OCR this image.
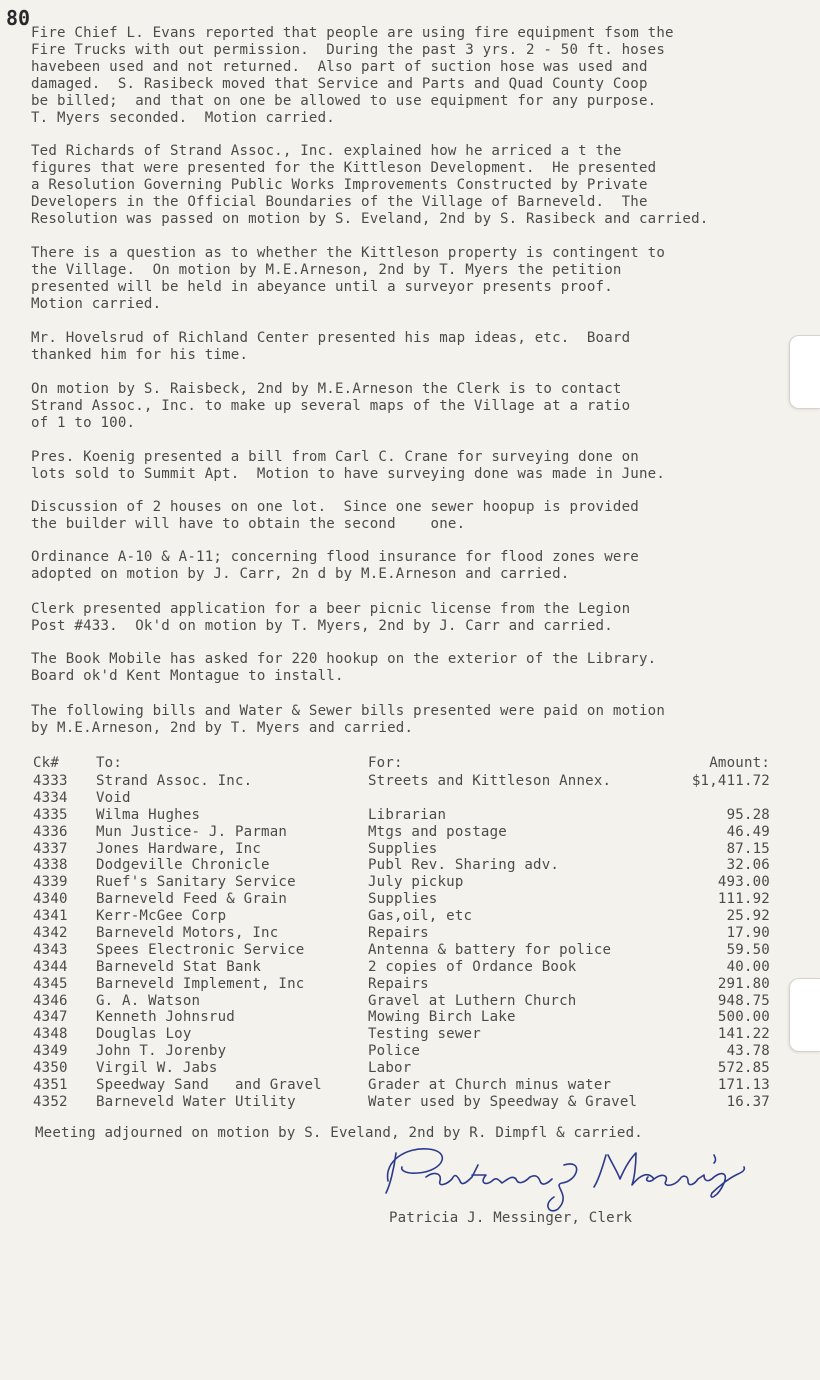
80

Fire Chief L. Evans reported that people are using fire equipment fsom the
Fire Trucks with out permission.  During the past 3 yrs. 2 - 50 ft. hoses
havebeen used and not returned.  Also part of suction hose was used and
damaged.  S. Rasibeck moved that Service and Parts and Quad County Coop
be billed;  and that on one be allowed to use equipment for any purpose.
T. Myers seconded.  Motion carried.

Ted Richards of Strand Assoc., Inc. explained how he arriced a t the
figures that were presented for the Kittleson Development.  He presented
a Resolution Governing Public Works Improvements Constructed by Private
Developers in the Official Boundaries of the Village of Barneveld.  The
Resolution was passed on motion by S. Eveland, 2nd by S. Rasibeck and carried.

There is a question as to whether the Kittleson property is contingent to
the Village.  On motion by M.E.Arneson, 2nd by T. Myers the petition
presented will be held in abeyance until a surveyor presents proof.
Motion carried.

Mr. Hovelsrud of Richland Center presented his map ideas, etc.  Board
thanked him for his time.

On motion by S. Raisbeck, 2nd by M.E.Arneson the Clerk is to contact
Strand Assoc., Inc. to make up several maps of the Village at a ratio
of 1 to 100.

Pres. Koenig presented a bill from Carl C. Crane for surveying done on
lots sold to Summit Apt.  Motion to have surveying done was made in June.

Discussion of 2 houses on one lot.  Since one sewer hoopup is provided
the builder will have to obtain the second    one.

Ordinance A-10 & A-11; concerning flood insurance for flood zones were
adopted on motion by J. Carr, 2n d by M.E.Arneson and carried.

Clerk presented application for a beer picnic license from the Legion
Post #433.  Ok'd on motion by T. Myers, 2nd by J. Carr and carried.

The Book Mobile has asked for 220 hookup on the exterior of the Library.
Board ok'd Kent Montague to install.

The following bills and Water & Sewer bills presented were paid on motion
by M.E.Arneson, 2nd by T. Myers and carried.

Ck#	To:	For:	Amount:
4333	Strand Assoc. Inc.	Streets and Kittleson Annex.	$1,411.72
4334	Void
4335	Wilma Hughes	Librarian	95.28
4336	Mun Justice- J. Parman	Mtgs and postage	46.49
4337	Jones Hardware, Inc	Supplies	87.15
4338	Dodgeville Chronicle	Publ Rev. Sharing adv.	32.06
4339	Ruef's Sanitary Service	July pickup	493.00
4340	Barneveld Feed & Grain	Supplies	111.92
4341	Kerr-McGee Corp	Gas,oil, etc	25.92
4342	Barneveld Motors, Inc	Repairs	17.90
4343	Spees Electronic Service	Antenna & battery for police	59.50
4344	Barneveld Stat Bank	2 copies of Ordance Book	40.00
4345	Barneveld Implement, Inc	Repairs	291.80
4346	G. A. Watson	Gravel at Luthern Church	948.75
4347	Kenneth Johnsrud	Mowing Birch Lake	500.00
4348	Douglas Loy	Testing sewer	141.22
4349	John T. Jorenby	Police	43.78
4350	Virgil W. Jabs	Labor	572.85
4351	Speedway Sand   and Gravel	Grader at Church minus water	171.13
4352	Barneveld Water Utility	Water used by Speedway & Gravel	16.37
Meeting adjourned on motion by S. Eveland, 2nd by R. Dimpfl & carried.
Patricia J. Messinger, Clerk
